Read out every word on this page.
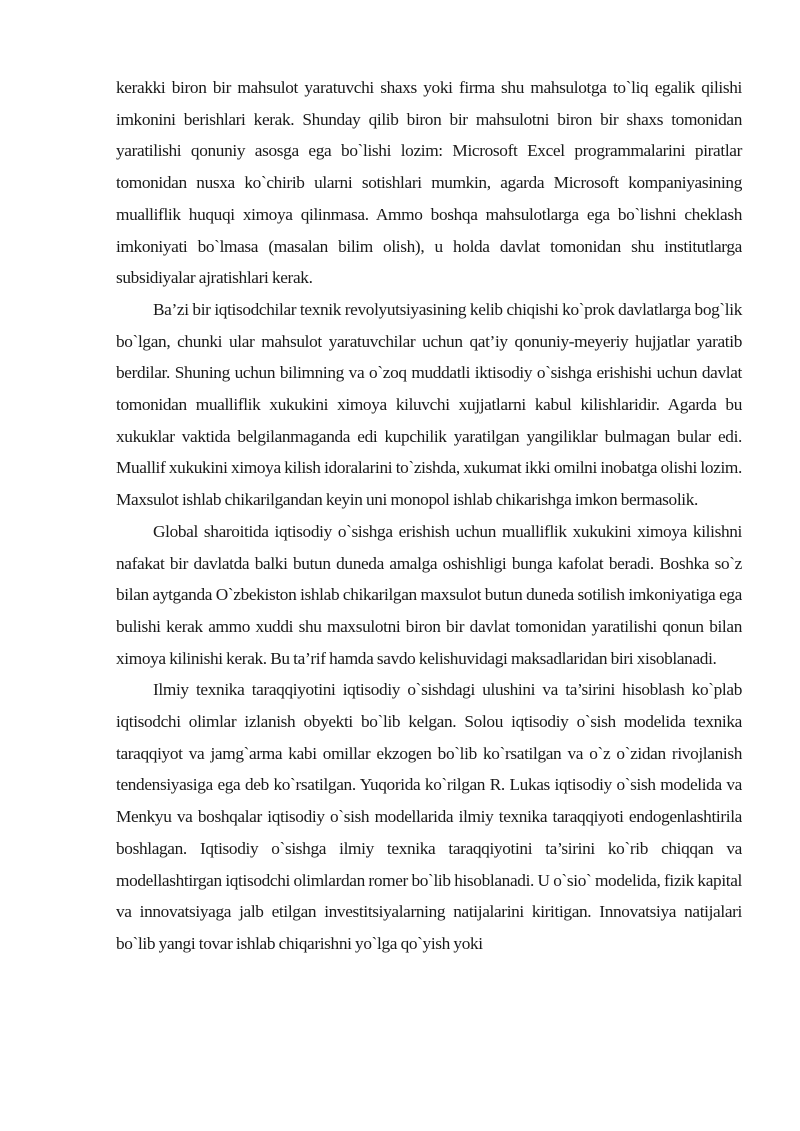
kerakki biron bir mahsulot yaratuvchi shaxs yoki firma shu mahsulotga to`liq egalik qilishi imkonini berishlari kerak. Shunday qilib biron bir mahsulotni biron bir shaxs tomonidan yaratilishi qonuniy asosga ega bo`lishi lozim: Microsoft Excel programmalarini piratlar tomonidan nusxa ko`chirib ularni sotishlari mumkin, agarda Microsoft kompaniyasining mualliflik huquqi ximoya qilinmasa. Ammo boshqa mahsulotlarga ega bo`lishni cheklash imkoniyati bo`lmasa (masalan bilim olish), u holda davlat tomonidan shu institutlarga subsidiyalar ajratishlari kerak.

Ba’zi bir iqtisodchilar texnik revolyutsiyasining kelib chiqishi ko`prok davlatlarga bog`lik bo`lgan, chunki ular mahsulot yaratuvchilar uchun qat’iy qonuniy-meyeriy hujjatlar yaratib berdilar. Shuning uchun bilimning va o`zoq muddatli iktisodiy o`sishga erishishi uchun davlat tomonidan mualliflik xukukini ximoya kiluvchi xujjatlarni kabul kilishlaridir. Agarda bu xukuklar vaktida belgilanmaganda edi kupchilik yaratilgan yangiliklar bulmagan bular edi. Muallif xukukini ximoya kilish idoralarini to`zishda, xukumat ikki omilni inobatga olishi lozim. Maxsulot ishlab chikarilgandan keyin uni monopol ishlab chikarishga imkon bermasolik.

Global sharoitida iqtisodiy o`sishga erishish uchun mualliflik xukukini ximoya kilishni nafakat bir davlatda balki butun duneda amalga oshishligi bunga kafolat beradi. Boshka so`z bilan aytganda O`zbekiston ishlab chikarilgan maxsulot butun duneda sotilish imkoniyatiga ega bulishi kerak ammo xuddi shu maxsulotni biron bir davlat tomonidan yaratilishi qonun bilan ximoya kilinishi kerak. Bu ta’rif hamda savdo kelishuvidagi maksadlaridan biri xisoblanadi.

Ilmiy texnika taraqqiyotini iqtisodiy o`sishdagi ulushini va ta’sirini hisoblash ko`plab iqtisodchi olimlar izlanish obyekti bo`lib kelgan. Solou iqtisodiy o`sish modelida texnika taraqqiyot va jamg`arma kabi omillar ekzogen bo`lib ko`rsatilgan va o`z o`zidan rivojlanish tendensiyasiga ega deb ko`rsatilgan. Yuqorida ko`rilgan R. Lukas iqtisodiy o`sish modelida va Menkyu va boshqalar iqtisodiy o`sish modellarida ilmiy texnika taraqqiyoti endogenlashtirila boshlagan. Iqtisodiy o`sishga ilmiy texnika taraqqiyotini ta’sirini ko`rib chiqqan va modellashtirgan iqtisodchi olimlardan romer bo`lib hisoblanadi. U o`sio` modelida, fizik kapital va innovatsiyaga jalb etilgan investitsiyalarning natijalarini kiritigan. Innovatsiya natijalari bo`lib yangi tovar ishlab chiqarishni yo`lga qo`yish yoki
